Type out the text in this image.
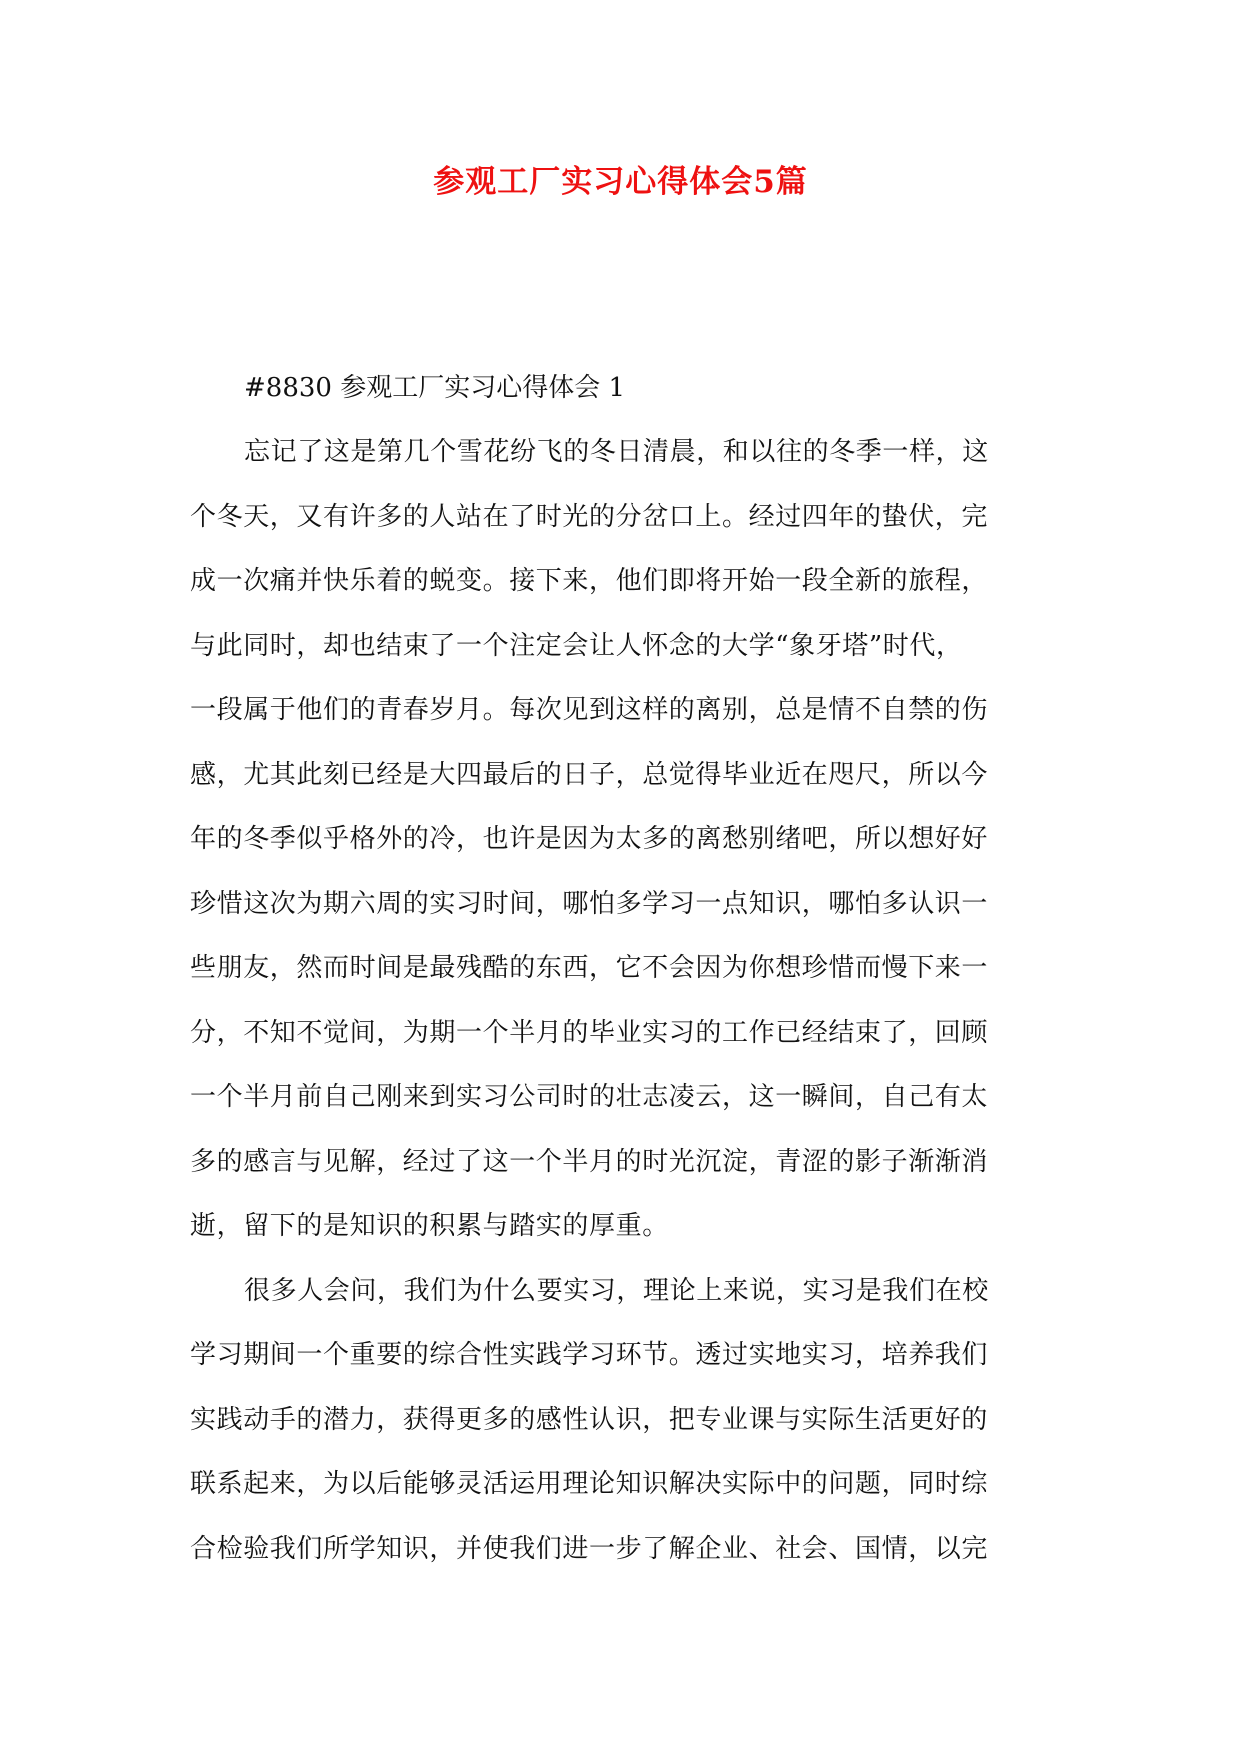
参观工厂实习心得体会5篇

#8830 参观工厂实习心得体会 1

忘记了这是第几个雪花纷飞的冬日清晨，和以往的冬季一样，这
个冬天，又有许多的人站在了时光的分岔口上。经过四年的蛰伏，完
成一次痛并快乐着的蜕变。接下来，他们即将开始一段全新的旅程，
与此同时，却也结束了一个注定会让人怀念的大学“象牙塔”时代，
一段属于他们的青春岁月。每次见到这样的离别，总是情不自禁的伤
感，尤其此刻已经是大四最后的日子，总觉得毕业近在咫尺，所以今
年的冬季似乎格外的冷，也许是因为太多的离愁别绪吧，所以想好好
珍惜这次为期六周的实习时间，哪怕多学习一点知识，哪怕多认识一
些朋友，然而时间是最残酷的东西，它不会因为你想珍惜而慢下来一
分，不知不觉间，为期一个半月的毕业实习的工作已经结束了，回顾
一个半月前自己刚来到实习公司时的壮志凌云，这一瞬间，自己有太
多的感言与见解，经过了这一个半月的时光沉淀，青涩的影子渐渐消
逝，留下的是知识的积累与踏实的厚重。

很多人会问，我们为什么要实习，理论上来说，实习是我们在校
学习期间一个重要的综合性实践学习环节。透过实地实习，培养我们
实践动手的潜力，获得更多的感性认识，把专业课与实际生活更好的
联系起来，为以后能够灵活运用理论知识解决实际中的问题，同时综
合检验我们所学知识，并使我们进一步了解企业、社会、国情，以完
